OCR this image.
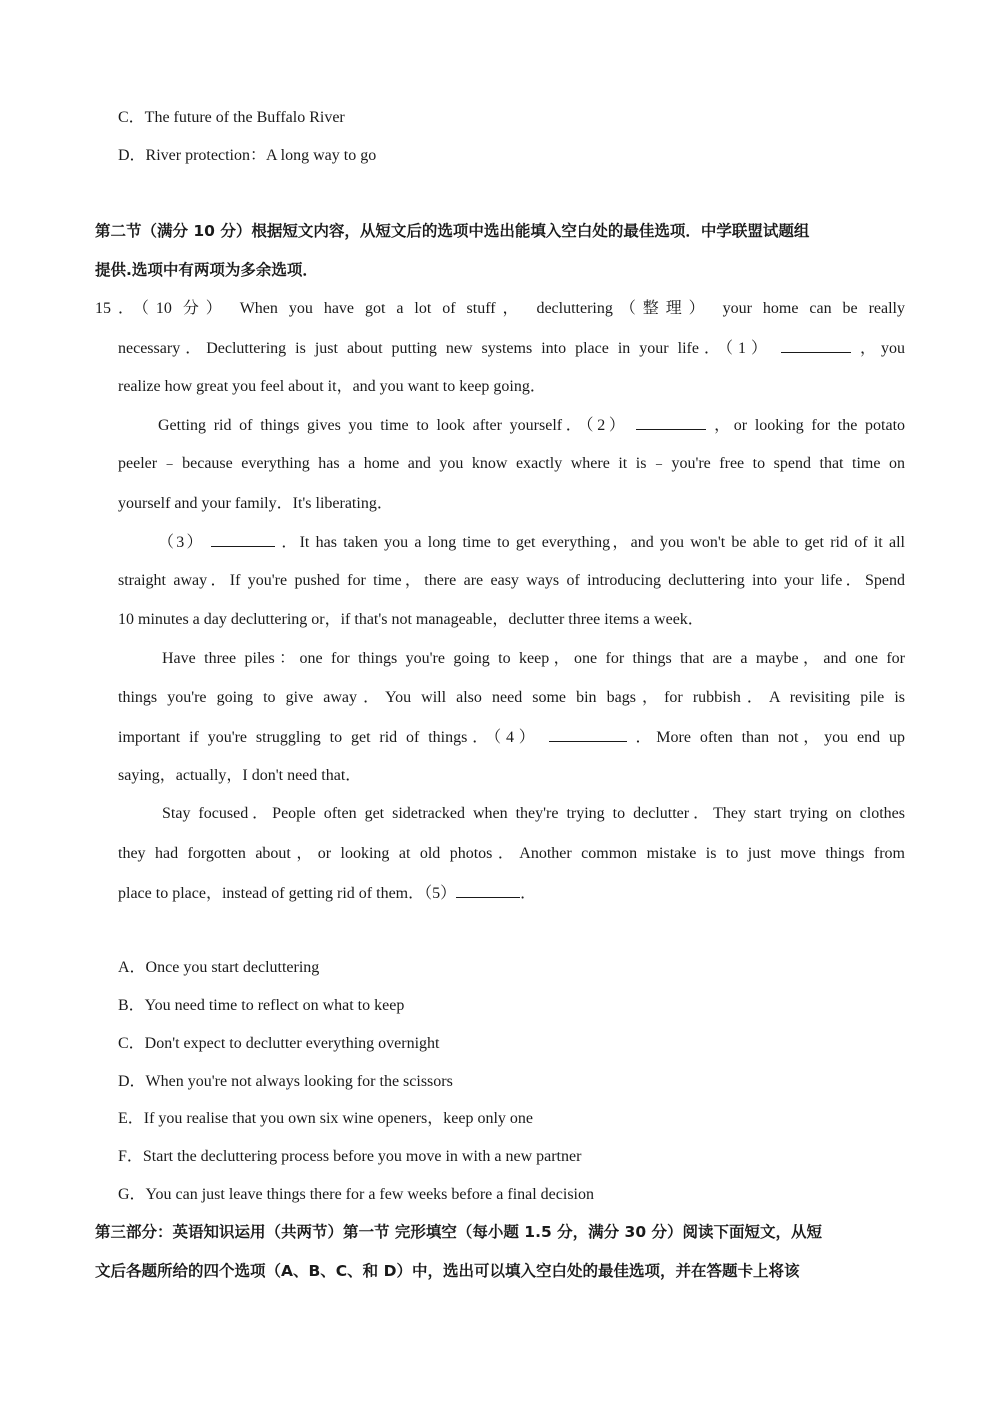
C．The future of the Buffalo River
D．River protection：A long way to go
第二节（满分 10 分）根据短文内容，从短文后的选项中选出能填入空白处的最佳选项．中学联盟试题组
提供.选项中有两项为多余选项．
15．（10 分） When you have got a lot of stuff， decluttering（整理） your home can be really
necessary．Decluttering is just about putting new systems into place in your life．（1）	，you
realize how great you feel about it，and you want to keep going．
Getting rid of things gives you time to look after yourself．（2）	，or looking for the potato
peeler﹣because everything has a home and you know exactly where it is﹣you're free to spend that time on
yourself and your family．It's liberating．
（3）	．It has taken you a long time to get everything，and you won't be able to get rid of it all
straight away．If you're pushed for time，there are easy ways of introducing decluttering into your life．Spend
10 minutes a day decluttering or，if that's not manageable，declutter three items a week．
Have three piles：one for things you're going to keep，one for things that are a maybe，and one for
things you're going to give away．You will also need some bin bags，for rubbish．A revisiting pile is
important if you're struggling to get rid of things．（4）	．More often than not，you end up
saying，actually，I don't need that．
Stay focused．People often get sidetracked when they're trying to declutter．They start trying on clothes
they had forgotten about，or looking at old photos．Another common mistake is to just move things from
place to place，instead of getting rid of them．（5）	．
A．Once you start decluttering
B．You need time to reflect on what to keep
C．Don't expect to declutter everything overnight
D．When you're not always looking for the scissors
E．If you realise that you own six wine openers，keep only one
F．Start the decluttering process before you move in with a new partner
G．You can just leave things there for a few weeks before a final decision
第三部分：英语知识运用（共两节）第一节 完形填空（每小题 1.5 分，满分 30 分）阅读下面短文，从短
文后各题所给的四个选项（A、B、C、和 D）中，选出可以填入空白处的最佳选项，并在答题卡上将该
